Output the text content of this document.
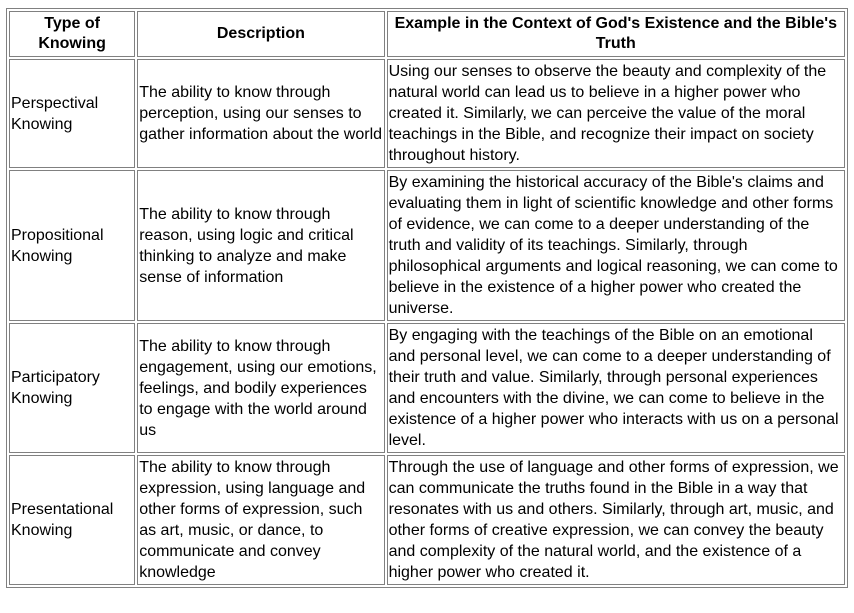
Type of Knowing	Description	Example in the Context of God's Existence and the Bible's Truth
Perspectival Knowing	The ability to know through perception, using our senses to gather information about the world	Using our senses to observe the beauty and complexity of the natural world can lead us to believe in a higher power who created it. Similarly, we can perceive the value of the moral teachings in the Bible, and recognize their impact on society throughout history.
Propositional Knowing	The ability to know through reason, using logic and critical thinking to analyze and make sense of information	By examining the historical accuracy of the Bible's claims and evaluating them in light of scientific knowledge and other forms of evidence, we can come to a deeper understanding of the truth and validity of its teachings. Similarly, through philosophical arguments and logical reasoning, we can come to believe in the existence of a higher power who created the universe.
Participatory Knowing	The ability to know through engagement, using our emotions, feelings, and bodily experiences to engage with the world around us	By engaging with the teachings of the Bible on an emotional and personal level, we can come to a deeper understanding of their truth and value. Similarly, through personal experiences and encounters with the divine, we can come to believe in the existence of a higher power who interacts with us on a personal level.
Presentational Knowing	The ability to know through expression, using language and other forms of expression, such as art, music, or dance, to communicate and convey knowledge	Through the use of language and other forms of expression, we can communicate the truths found in the Bible in a way that resonates with us and others. Similarly, through art, music, and other forms of creative expression, we can convey the beauty and complexity of the natural world, and the existence of a higher power who created it.
